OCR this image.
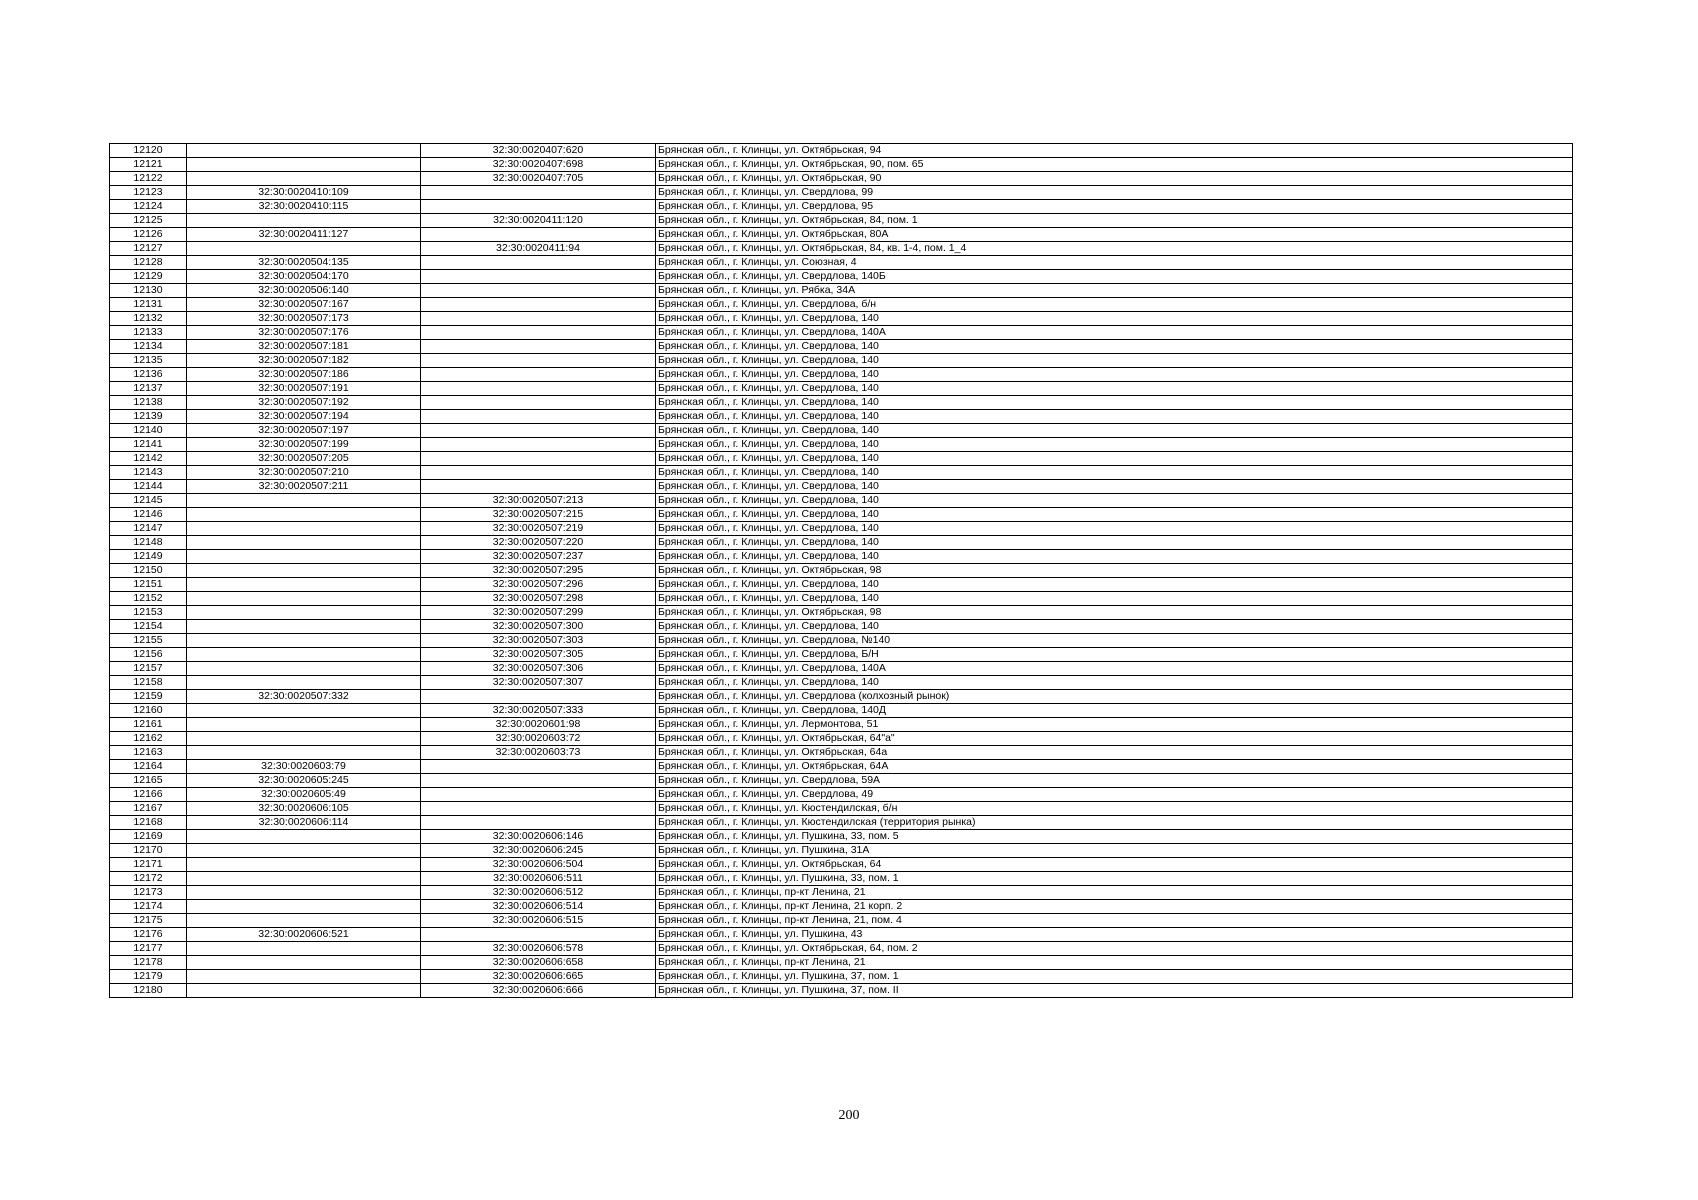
12120		32:30:0020407:620	Брянская обл., г. Клинцы, ул. Октябрьская, 94
12121		32:30:0020407:698	Брянская обл., г. Клинцы, ул. Октябрьская, 90, пом. 65
12122		32:30:0020407:705	Брянская обл., г. Клинцы, ул. Октябрьская, 90
12123	32:30:0020410:109		Брянская обл., г. Клинцы, ул. Свердлова, 99
12124	32:30:0020410:115		Брянская обл., г. Клинцы, ул. Свердлова, 95
12125		32:30:0020411:120	Брянская обл., г. Клинцы, ул. Октябрьская, 84, пом. 1
12126	32:30:0020411:127		Брянская обл., г. Клинцы, ул. Октябрьская, 80А
12127		32:30:0020411:94	Брянская обл., г. Клинцы, ул. Октябрьская, 84, кв. 1-4, пом. 1_4
12128	32:30:0020504:135		Брянская обл., г. Клинцы, ул. Союзная, 4
12129	32:30:0020504:170		Брянская обл., г. Клинцы, ул. Свердлова, 140Б
12130	32:30:0020506:140		Брянская обл., г. Клинцы, ул. Рябка, 34А
12131	32:30:0020507:167		Брянская обл., г. Клинцы, ул. Свердлова, б/н
12132	32:30:0020507:173		Брянская обл., г. Клинцы, ул. Свердлова, 140
12133	32:30:0020507:176		Брянская обл., г. Клинцы, ул. Свердлова, 140А
12134	32:30:0020507:181		Брянская обл., г. Клинцы, ул. Свердлова, 140
12135	32:30:0020507:182		Брянская обл., г. Клинцы, ул. Свердлова, 140
12136	32:30:0020507:186		Брянская обл., г. Клинцы, ул. Свердлова, 140
12137	32:30:0020507:191		Брянская обл., г. Клинцы, ул. Свердлова, 140
12138	32:30:0020507:192		Брянская обл., г. Клинцы, ул. Свердлова, 140
12139	32:30:0020507:194		Брянская обл., г. Клинцы, ул. Свердлова, 140
12140	32:30:0020507:197		Брянская обл., г. Клинцы, ул. Свердлова, 140
12141	32:30:0020507:199		Брянская обл., г. Клинцы, ул. Свердлова, 140
12142	32:30:0020507:205		Брянская обл., г. Клинцы, ул. Свердлова, 140
12143	32:30:0020507:210		Брянская обл., г. Клинцы, ул. Свердлова, 140
12144	32:30:0020507:211		Брянская обл., г. Клинцы, ул. Свердлова, 140
12145		32:30:0020507:213	Брянская обл., г. Клинцы, ул. Свердлова, 140
12146		32:30:0020507:215	Брянская обл., г. Клинцы, ул. Свердлова, 140
12147		32:30:0020507:219	Брянская обл., г. Клинцы, ул. Свердлова, 140
12148		32:30:0020507:220	Брянская обл., г. Клинцы, ул. Свердлова, 140
12149		32:30:0020507:237	Брянская обл., г. Клинцы, ул. Свердлова, 140
12150		32:30:0020507:295	Брянская обл., г. Клинцы, ул. Октябрьская, 98
12151		32:30:0020507:296	Брянская обл., г. Клинцы, ул. Свердлова, 140
12152		32:30:0020507:298	Брянская обл., г. Клинцы, ул. Свердлова, 140
12153		32:30:0020507:299	Брянская обл., г. Клинцы, ул. Октябрьская, 98
12154		32:30:0020507:300	Брянская обл., г. Клинцы, ул. Свердлова, 140
12155		32:30:0020507:303	Брянская обл., г. Клинцы, ул. Свердлова, №140
12156		32:30:0020507:305	Брянская обл., г. Клинцы, ул. Свердлова, Б/Н
12157		32:30:0020507:306	Брянская обл., г. Клинцы, ул. Свердлова, 140А
12158		32:30:0020507:307	Брянская обл., г. Клинцы, ул. Свердлова, 140
12159	32:30:0020507:332		Брянская обл., г. Клинцы, ул. Свердлова (колхозный рынок)
12160		32:30:0020507:333	Брянская обл., г. Клинцы, ул. Свердлова, 140Д
12161		32:30:0020601:98	Брянская обл., г. Клинцы, ул. Лермонтова, 51
12162		32:30:0020603:72	Брянская обл., г. Клинцы, ул. Октябрьская, 64"а"
12163		32:30:0020603:73	Брянская обл., г. Клинцы, ул. Октябрьская, 64а
12164	32:30:0020603:79		Брянская обл., г. Клинцы, ул. Октябрьская, 64А
12165	32:30:0020605:245		Брянская обл., г. Клинцы, ул. Свердлова, 59А
12166	32:30:0020605:49		Брянская обл., г. Клинцы, ул. Свердлова, 49
12167	32:30:0020606:105		Брянская обл., г. Клинцы, ул. Кюстендилская, б/н
12168	32:30:0020606:114		Брянская обл., г. Клинцы, ул. Кюстендилская (территория рынка)
12169		32:30:0020606:146	Брянская обл., г. Клинцы, ул. Пушкина, 33, пом. 5
12170		32:30:0020606:245	Брянская обл., г. Клинцы, ул. Пушкина, 31А
12171		32:30:0020606:504	Брянская обл., г. Клинцы, ул. Октябрьская, 64
12172		32:30:0020606:511	Брянская обл., г. Клинцы, ул. Пушкина, 33, пом. 1
12173		32:30:0020606:512	Брянская обл., г. Клинцы, пр-кт Ленина, 21
12174		32:30:0020606:514	Брянская обл., г. Клинцы, пр-кт Ленина, 21 корп. 2
12175		32:30:0020606:515	Брянская обл., г. Клинцы, пр-кт Ленина, 21, пом. 4
12176	32:30:0020606:521		Брянская обл., г. Клинцы, ул. Пушкина, 43
12177		32:30:0020606:578	Брянская обл., г. Клинцы, ул. Октябрьская, 64, пом. 2
12178		32:30:0020606:658	Брянская обл., г. Клинцы, пр-кт Ленина, 21
12179		32:30:0020606:665	Брянская обл., г. Клинцы, ул. Пушкина, 37, пом. 1
12180		32:30:0020606:666	Брянская обл., г. Клинцы, ул. Пушкина, 37, пом. II
200
